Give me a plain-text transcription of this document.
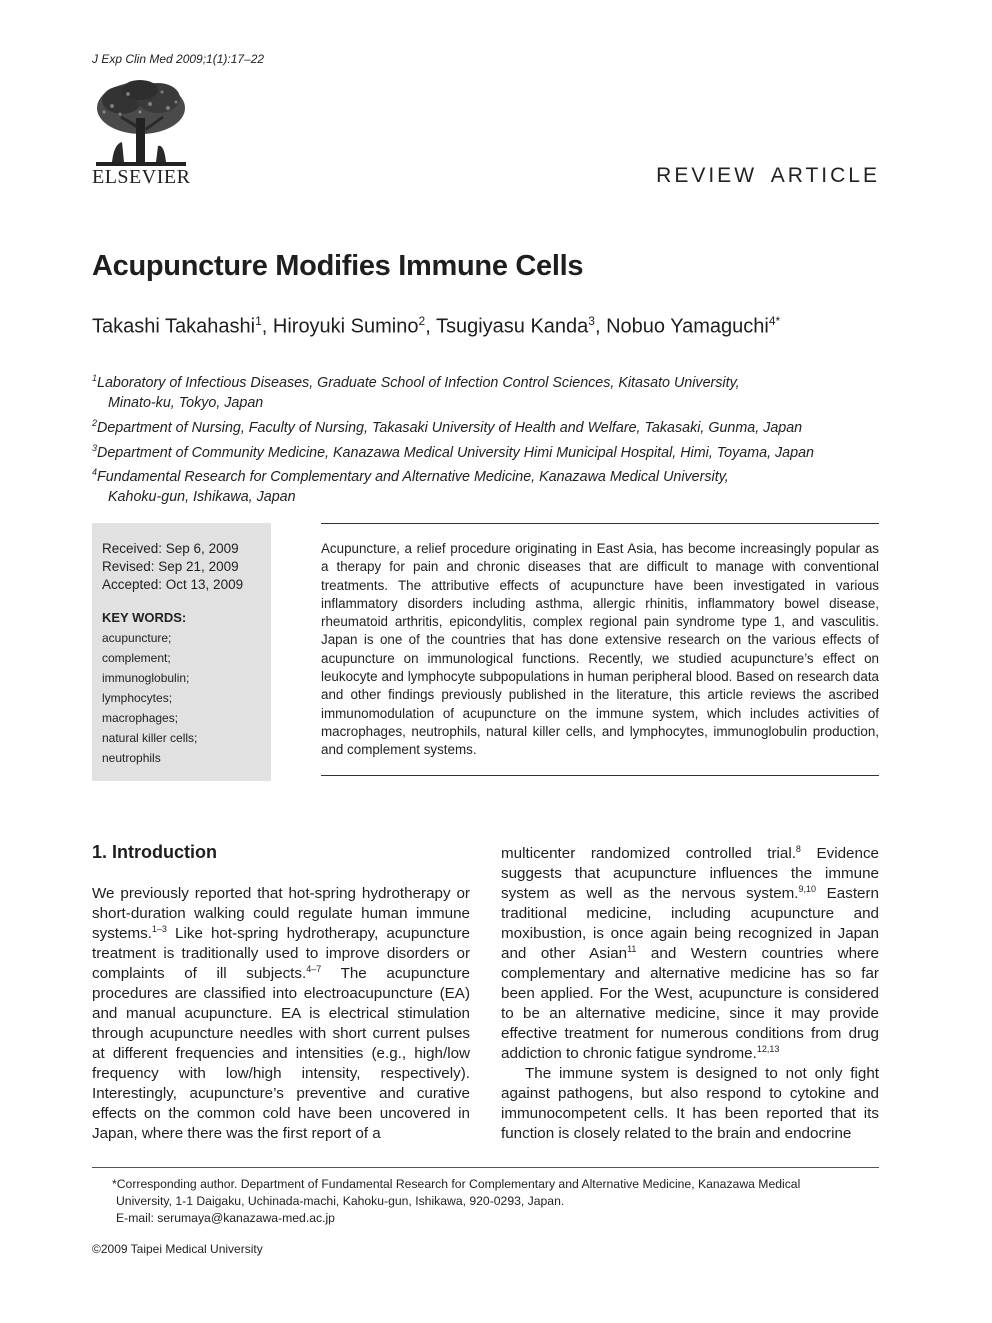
J Exp Clin Med 2009;1(1):17–22
ELSEVIER	REVIEW ARTICLE
Acupuncture Modifies Immune Cells
Takashi Takahashi$^1$, Hiroyuki Sumino$^2$, Tsugiyasu Kanda$^3$, Nobuo Yamaguchi$^{4*}$
$^1$Laboratory of Infectious Diseases, Graduate School of Infection Control Sciences, Kitasato University,
Minato-ku, Tokyo, Japan
$^2$Department of Nursing, Faculty of Nursing, Takasaki University of Health and Welfare, Takasaki, Gunma, Japan
$^3$Department of Community Medicine, Kanazawa Medical University Himi Municipal Hospital, Himi, Toyama, Japan
$^4$Fundamental Research for Complementary and Alternative Medicine, Kanazawa Medical University,
Kahoku-gun, Ishikawa, Japan
Received: Sep 6, 2009
Revised: Sep 21, 2009
Accepted: Oct 13, 2009
KEY WORDS:
acupuncture;
complement;
immunoglobulin;
lymphocytes;
macrophages;
natural killer cells;
neutrophils
Acupuncture, a relief procedure originating in East Asia, has become increasingly popular as a therapy for pain and chronic diseases that are difficult to manage with conventional treatments. The attributive effects of acupuncture have been investigated in various inflammatory disorders including asthma, allergic rhinitis, inflammatory bowel disease, rheumatoid arthritis, epicondylitis, complex regional pain syndrome type 1, and vasculitis. Japan is one of the countries that has done extensive research on the various effects of acupuncture on immunological functions. Recently, we studied acupuncture’s effect on leukocyte and lymphocyte subpopulations in human peripheral blood. Based on research data and other findings previously published in the literature, this article reviews the ascribed immunomodulation of acupuncture on the immune system, which includes activities of macrophages, neutrophils, natural killer cells, and lymphocytes, immunoglobulin production, and complement systems.
1. Introduction

We previously reported that hot-spring hydrotherapy or short-duration walking could regulate human immune systems.$^{1-3}$ Like hot-spring hydrotherapy, acupuncture treatment is traditionally used to improve disorders or complaints of ill subjects.$^{4-7}$ The acupuncture procedures are classified into electroacupuncture (EA) and manual acupuncture. EA is electrical stimulation through acupuncture needles with short current pulses at different frequencies and intensities (e.g., high/low frequency with low/high intensity, respectively). Interestingly, acupuncture’s preventive and curative effects on the common cold have been uncovered in Japan, where there was the first report of a

multicenter randomized controlled trial.$^8$ Evidence suggests that acupuncture influences the immune system as well as the nervous system.$^{9,10}$ Eastern traditional medicine, including acupuncture and moxibustion, is once again being recognized in Japan and other Asian$^{11}$ and Western countries where complementary and alternative medicine has so far been applied. For the West, acupuncture is considered to be an alternative medicine, since it may provide effective treatment for numerous conditions from drug addiction to chronic fatigue syndrome.$^{12,13}$

The immune system is designed to not only fight against pathogens, but also respond to cytokine and immunocompetent cells. It has been reported that its function is closely related to the brain and endocrine

*Corresponding author. Department of Fundamental Research for Complementary and Alternative Medicine, Kanazawa Medical
University, 1-1 Daigaku, Uchinada-machi, Kahoku-gun, Ishikawa, 920-0293, Japan.
E-mail: serumaya@kanazawa-med.ac.jp
©2009 Taipei Medical University
